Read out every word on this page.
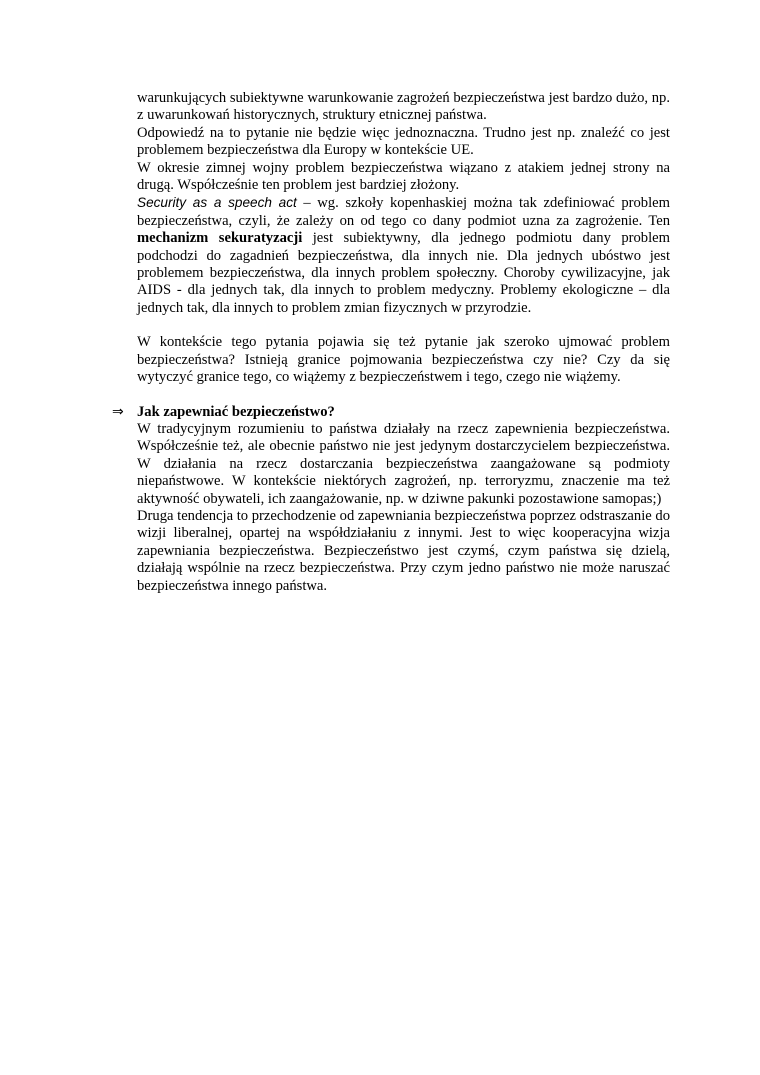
warunkujących subiektywne warunkowanie zagrożeń bezpieczeństwa jest bardzo dużo, np. z uwarunkowań historycznych, struktury etnicznej państwa.

Odpowiedź na to pytanie nie będzie więc jednoznaczna. Trudno jest np. znaleźć co jest problemem bezpieczeństwa dla Europy w kontekście UE.

W okresie zimnej wojny problem bezpieczeństwa wiązano z atakiem jednej strony na drugą. Współcześnie ten problem jest bardziej złożony.

Security as a speech act – wg. szkoły kopenhaskiej można tak zdefiniować problem bezpieczeństwa, czyli, że zależy on od tego co dany podmiot uzna za zagrożenie. Ten mechanizm sekuratyzacji jest subiektywny, dla jednego podmiotu dany problem podchodzi do zagadnień bezpieczeństwa, dla innych nie. Dla jednych ubóstwo jest problemem bezpieczeństwa, dla innych problem społeczny. Choroby cywilizacyjne, jak AIDS - dla jednych tak, dla innych to problem medyczny. Problemy ekologiczne – dla jednych tak, dla innych to problem zmian fizycznych w przyrodzie.

W kontekście tego pytania pojawia się też pytanie jak szeroko ujmować problem bezpieczeństwa? Istnieją granice pojmowania bezpieczeństwa czy nie? Czy da się wytyczyć granice tego, co wiążemy z bezpieczeństwem i tego, czego nie wiążemy.

⇒ Jak zapewniać bezpieczeństwo?

W tradycyjnym rozumieniu to państwa działały na rzecz zapewnienia bezpieczeństwa. Współcześnie też, ale obecnie państwo nie jest jedynym dostarczycielem bezpieczeństwa. W działania na rzecz dostarczania bezpieczeństwa zaangażowane są podmioty niepaństwowe. W kontekście niektórych zagrożeń, np. terroryzmu, znaczenie ma też aktywność obywateli, ich zaangażowanie, np. w dziwne pakunki pozostawione samopas;)

Druga tendencja to przechodzenie od zapewniania bezpieczeństwa poprzez odstraszanie do wizji liberalnej, opartej na współdziałaniu z innymi. Jest to więc kooperacyjna wizja zapewniania bezpieczeństwa. Bezpieczeństwo jest czymś, czym państwa się dzielą, działają wspólnie na rzecz bezpieczeństwa. Przy czym jedno państwo nie może naruszać bezpieczeństwa innego państwa.
